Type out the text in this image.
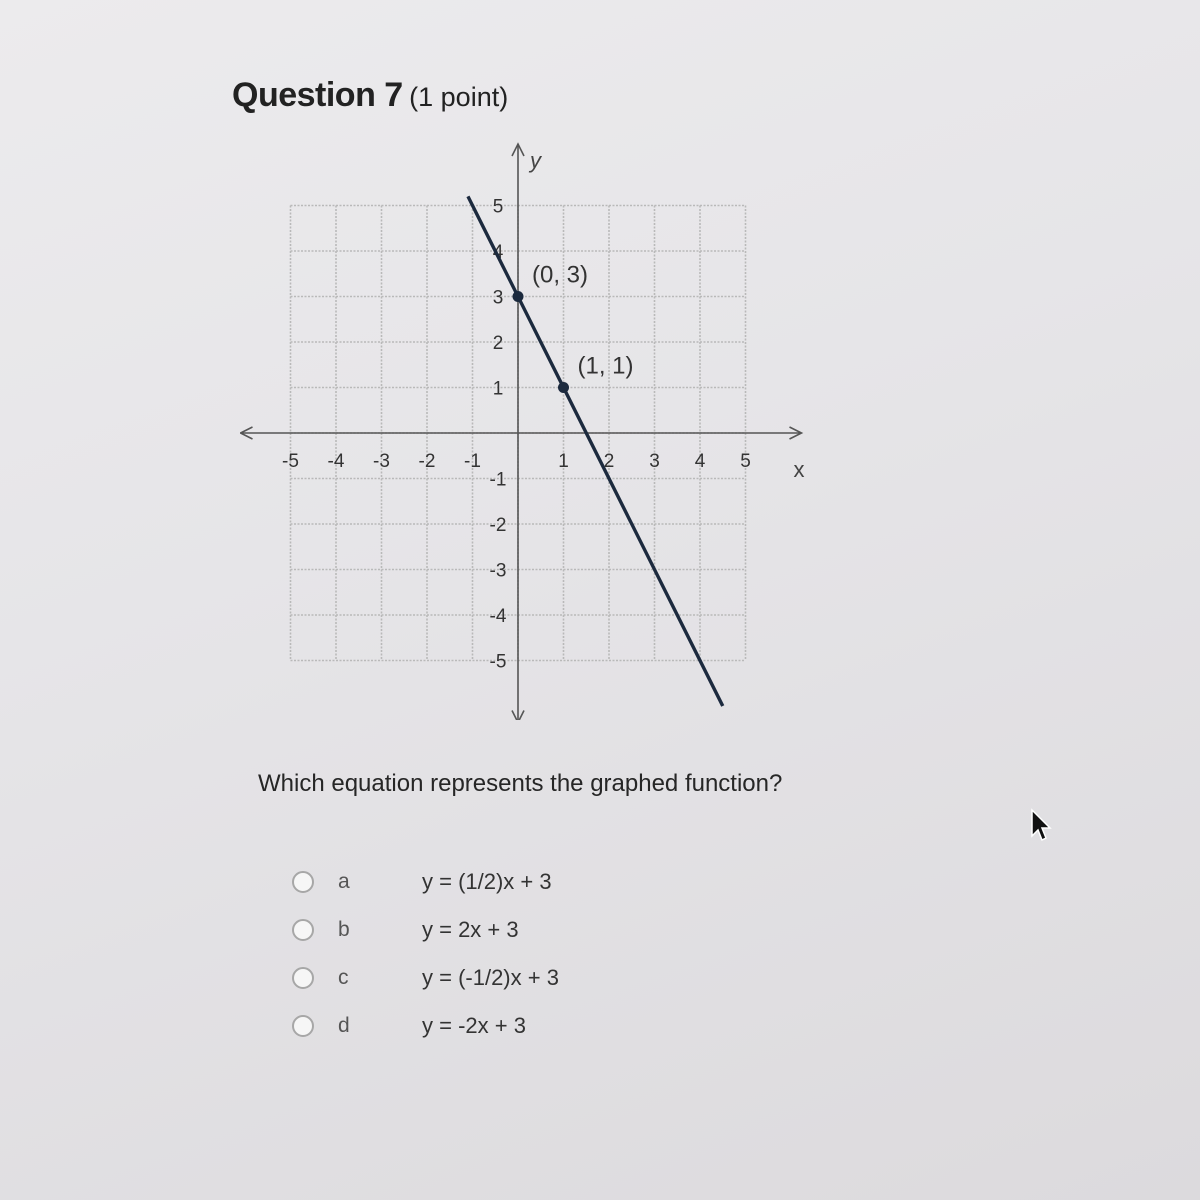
Question 7 (1 point)
x
y
-5 -4 -3 -2 -1	1 2 3 4 5
5
4
3
2
1
-1
-2
-3
-4
-5
(0, 3)
(1, 1)
Which equation represents the graphed function?
a	y = (1/2)x + 3
b	y = 2x + 3
c	y = (-1/2)x + 3
d	y = -2x + 3
